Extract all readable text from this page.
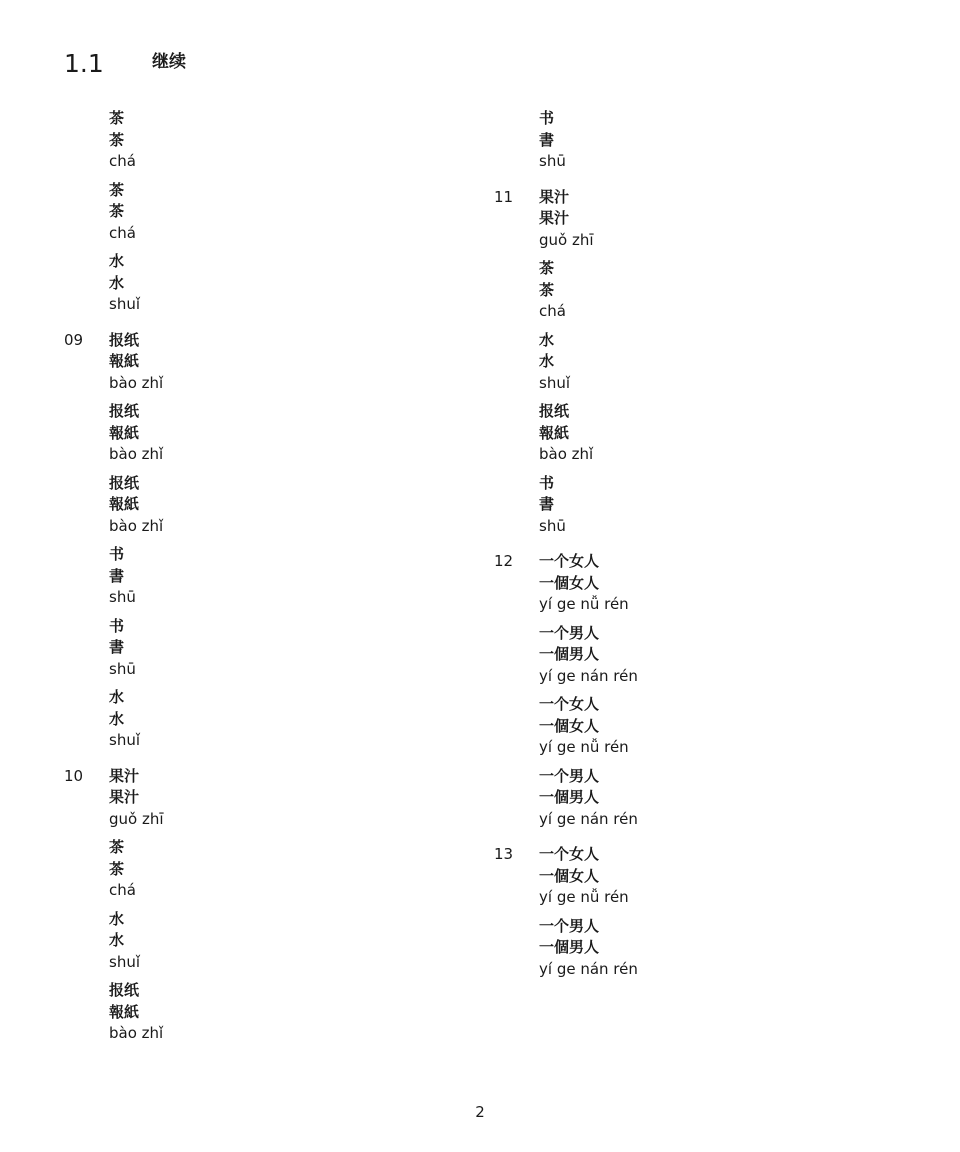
1.1	继续
茶
茶
chá
茶
茶
chá
水
水
shuǐ
09 报纸
報紙
bào zhǐ
报纸
報紙
bào zhǐ
报纸
報紙
bào zhǐ
书
書
shū
书
書
shū
水
水
shuǐ
10 果汁
果汁
guǒ zhī
茶
茶
chá
水
水
shuǐ
报纸
報紙
bào zhǐ
书
書
shū
11 果汁
果汁
guǒ zhī
茶
茶
chá
水
水
shuǐ
报纸
報紙
bào zhǐ
书
書
shū
12 一个女人
一個女人
yí ge nǚ rén
一个男人
一個男人
yí ge nán rén
一个女人
一個女人
yí ge nǚ rén
一个男人
一個男人
yí ge nán rén
13 一个女人
一個女人
yí ge nǚ rén
一个男人
一個男人
yí ge nán rén
2
